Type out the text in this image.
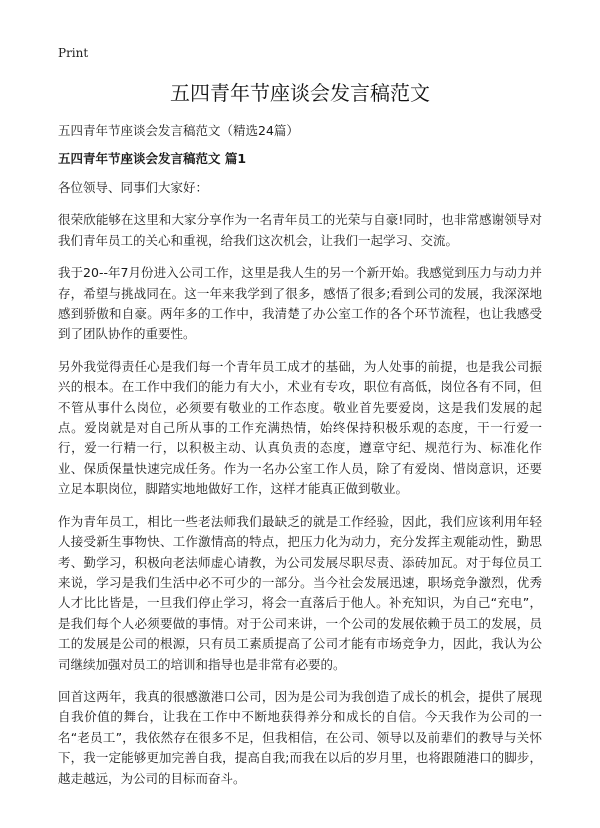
Print
五四青年节座谈会发言稿范文

五四青年节座谈会发言稿范文（精选24篇）

五四青年节座谈会发言稿范文 篇1

各位领导、同事们大家好：

很荣欣能够在这里和大家分享作为一名青年员工的光荣与自豪!同时，也非常感谢领导对我们青年员工的关心和重视，给我们这次机会，让我们一起学习、交流。

我于20--年7月份进入公司工作，这里是我人生的另一个新开始。我感觉到压力与动力并存，希望与挑战同在。这一年来我学到了很多，感悟了很多;看到公司的发展，我深深地感到骄傲和自豪。两年多的工作中，我清楚了办公室工作的各个环节流程，也让我感受到了团队协作的重要性。

另外我觉得责任心是我们每一个青年员工成才的基础，为人处事的前提，也是我公司振兴的根本。在工作中我们的能力有大小，术业有专攻，职位有高低，岗位各有不同，但不管从事什么岗位，必须要有敬业的工作态度。敬业首先要爱岗，这是我们发展的起点。爱岗就是对自己所从事的工作充满热情，始终保持积极乐观的态度，干一行爱一行，爱一行精一行，以积极主动、认真负责的态度，遵章守纪、规范行为、标准化作业、保质保量快速完成任务。作为一名办公室工作人员，除了有爱岗、惜岗意识，还要立足本职岗位，脚踏实地地做好工作，这样才能真正做到敬业。

作为青年员工，相比一些老法师我们最缺乏的就是工作经验，因此，我们应该利用年轻人接受新生事物快、工作激情高的特点，把压力化为动力，充分发挥主观能动性，勤思考、勤学习，积极向老法师虚心请教，为公司发展尽职尽责、添砖加瓦。对于每位员工来说，学习是我们生活中必不可少的一部分。当今社会发展迅速，职场竞争激烈，优秀人才比比皆是，一旦我们停止学习，将会一直落后于他人。补充知识，为自己“充电”，是我们每个人必须要做的事情。对于公司来讲，一个公司的发展依赖于员工的发展，员工的发展是公司的根源，只有员工素质提高了公司才能有市场竞争力，因此，我认为公司继续加强对员工的培训和指导也是非常有必要的。

回首这两年，我真的很感激港口公司，因为是公司为我创造了成长的机会，提供了展现自我价值的舞台，让我在工作中不断地获得养分和成长的自信。今天我作为公司的一名“老员工”，我依然存在很多不足，但我相信，在公司、领导以及前辈们的教导与关怀下，我一定能够更加完善自我，提高自我;而我在以后的岁月里，也将跟随港口的脚步，越走越远，为公司的目标而奋斗。
